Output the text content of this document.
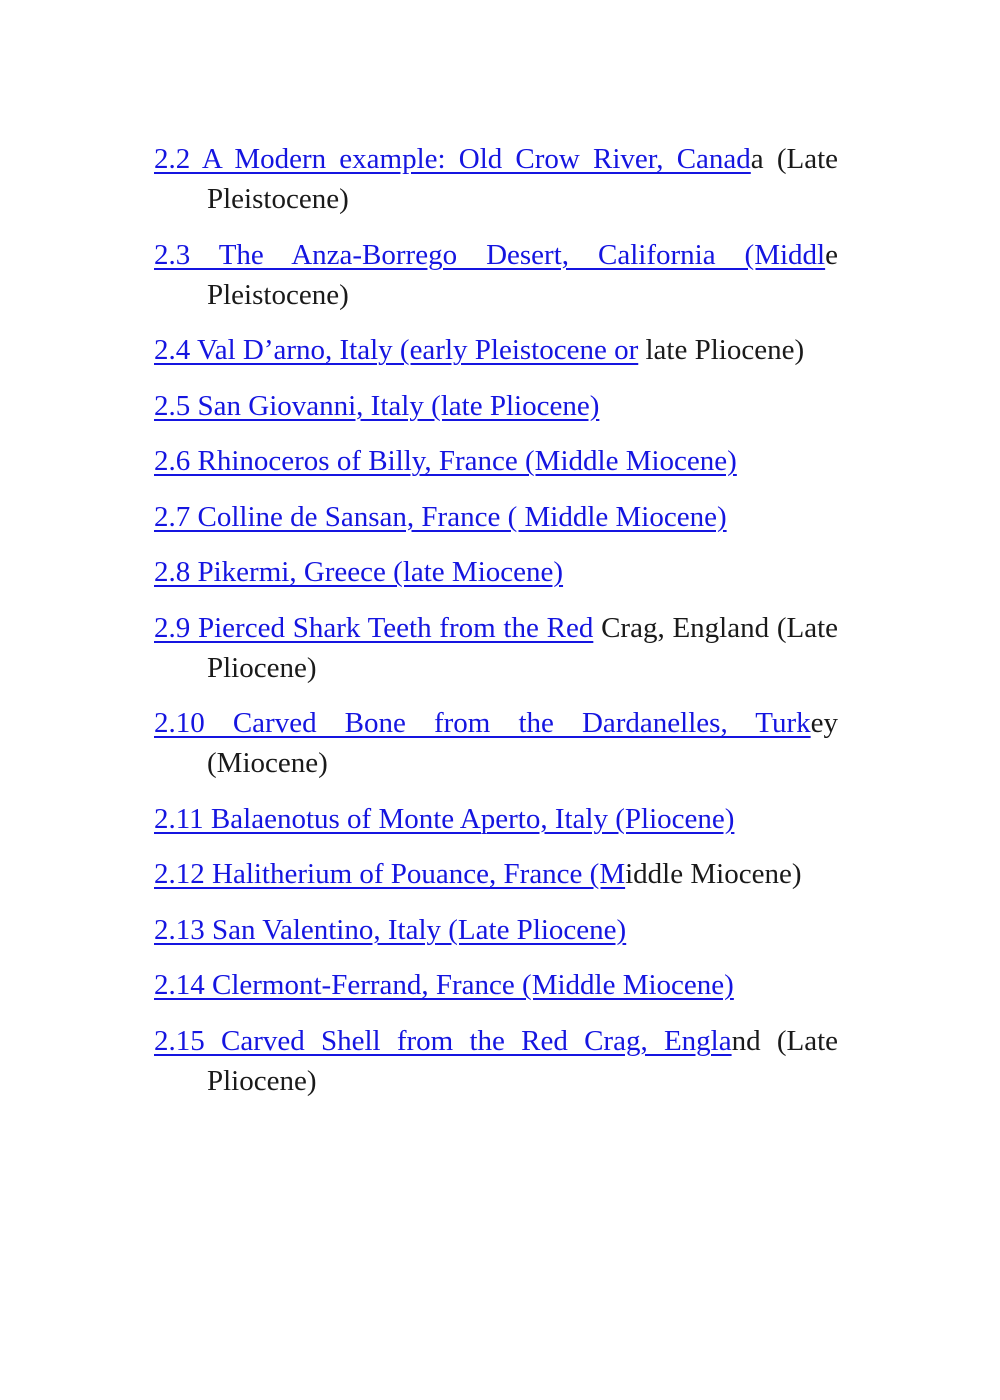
2.2 A Modern example: Old Crow River, Canada (Late Pleistocene)
2.3 The Anza-Borrego Desert, California (Middle Pleistocene)
2.4 Val D’arno, Italy (early Pleistocene or late Pliocene)
2.5 San Giovanni, Italy (late Pliocene)
2.6 Rhinoceros of Billy, France (Middle Miocene)
2.7 Colline de Sansan, France ( Middle Miocene)
2.8 Pikermi, Greece (late Miocene)
2.9 Pierced Shark Teeth from the Red Crag, England (Late Pliocene)
2.10 Carved Bone from the Dardanelles, Turkey (Miocene)
2.11 Balaenotus of Monte Aperto, Italy (Pliocene)
2.12 Halitherium of Pouance, France (Middle Miocene)
2.13 San Valentino, Italy (Late Pliocene)
2.14 Clermont-Ferrand, France (Middle Miocene)
2.15 Carved Shell from the Red Crag, England (Late Pliocene)
